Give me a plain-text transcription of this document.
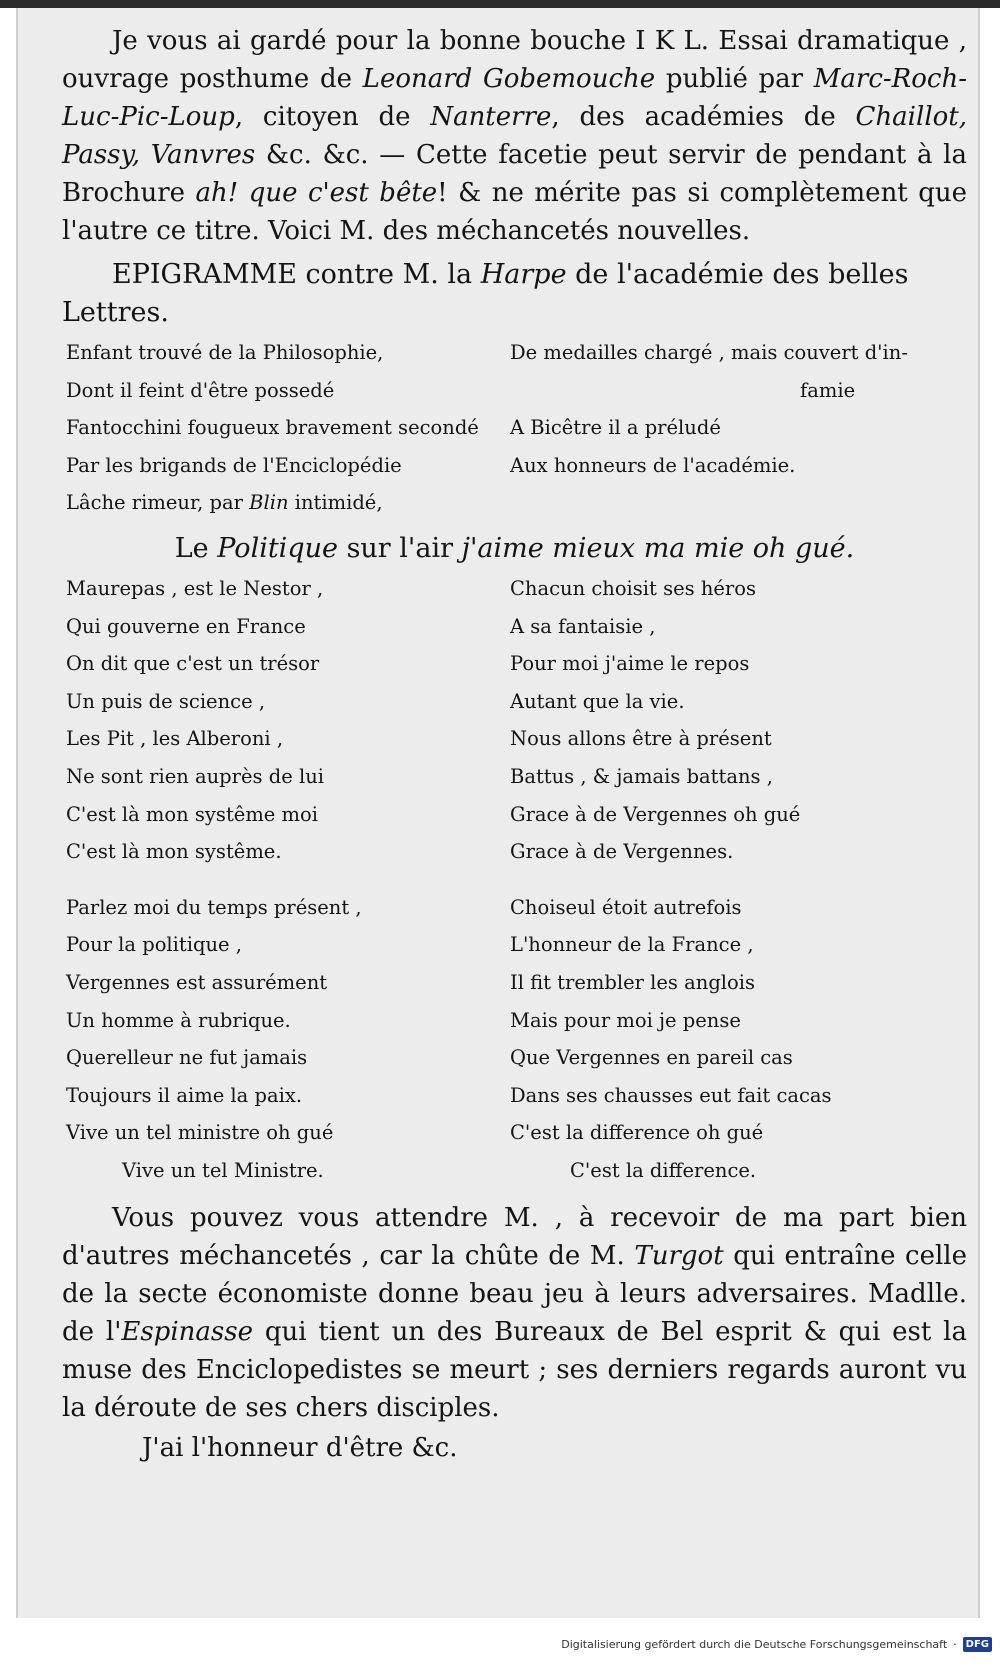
Je vous ai gardé pour la bonne bouche I K L. Essai dramatique , ouvrage posthume de Leonard Gobemouche publié par Marc-Roch-Luc-Pic-Loup, citoyen de Nanterre, des académies de Chaillot, Passy, Vanvres &c. &c. — Cette facetie peut servir de pendant à la Brochure ah! que c'est bête! & ne mérite pas si complètement que l'autre ce titre. Voici M. des méchancetés nouvelles.

EPIGRAMME contre M. la Harpe de l'académie des belles Lettres.

Enfant trouvé de la Philosophie,	De medailles chargé , mais couvert d'in-
Dont il feint d'être possedé	famie
Fantocchini fougueux bravement secondé	A Bicêtre il a préludé
Par les brigands de l'Enciclopédie	Aux honneurs de l'académie.
Lâche rimeur, par Blin intimidé,

Le Politique sur l'air j'aime mieux ma mie oh gué.

Maurepas , est le Nestor ,	Chacun choisit ses héros
Qui gouverne en France	A sa fantaisie ,
On dit que c'est un trésor	Pour moi j'aime le repos
Un puis de science ,	Autant que la vie.
Les Pit , les Alberoni ,	Nous allons être à présent
Ne sont rien auprès de lui	Battus , & jamais battans ,
C'est là mon systême moi	Grace à de Vergennes oh gué
C'est là mon systême.	Grace à de Vergennes.
Parlez moi du temps présent ,	Choiseul étoit autrefois
Pour la politique ,	L'honneur de la France ,
Vergennes est assurément	Il fit trembler les anglois
Un homme à rubrique.	Mais pour moi je pense
Querelleur ne fut jamais	Que Vergennes en pareil cas
Toujours il aime la paix.	Dans ses chausses eut fait cacas
Vive un tel ministre oh gué	C'est la difference oh gué
Vive un tel Ministre.	C'est la difference.

Vous pouvez vous attendre M. , à recevoir de ma part bien d'autres méchancetés , car la chûte de M. Turgot qui entraîne celle de la secte économiste donne beau jeu à leurs adversaires. Madlle. de l'Espinasse qui tient un des Bureaux de Bel esprit & qui est la muse des Enciclopedistes se meurt ; ses derniers regards auront vu la déroute de ses chers disciples.

J'ai l'honneur d'être &c.

Digitalisierung gefördert durch die Deutsche Forschungsgemeinschaft · DFG
